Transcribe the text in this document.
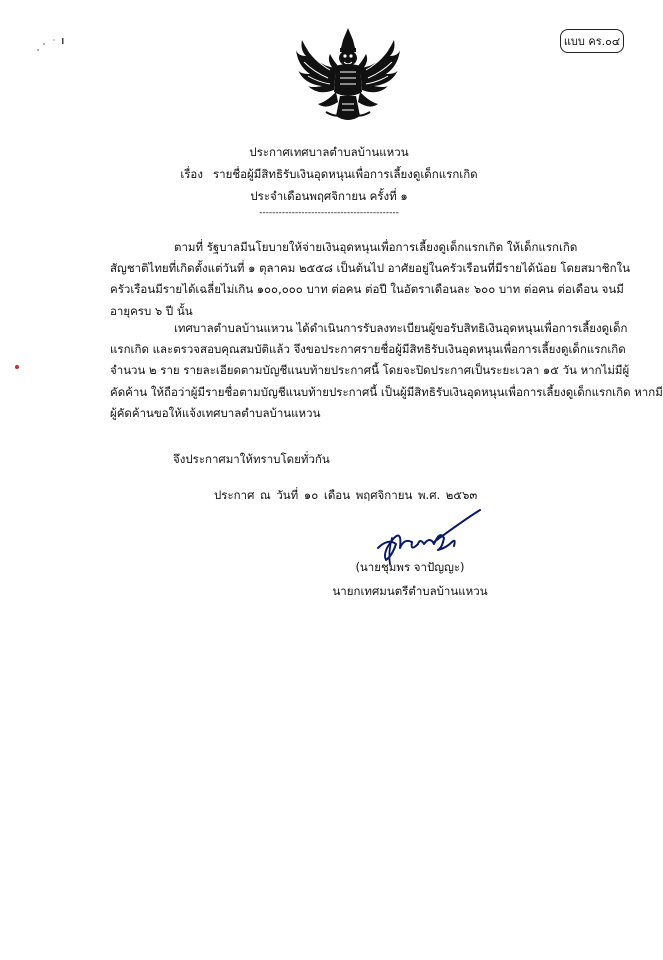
แบบ คร.๐๔
ประกาศเทศบาลตำบลบ้านแหวน
เรื่อง รายชื่อผู้มีสิทธิรับเงินอุดหนุนเพื่อการเลี้ยงดูเด็กแรกเกิด
ประจำเดือนพฤศจิกายน ครั้งที่ ๑
-------------------------------------------
ตามที่ รัฐบาลมีนโยบายให้จ่ายเงินอุดหนุนเพื่อการเลี้ยงดูเด็กแรกเกิด ให้เด็กแรกเกิด
สัญชาติไทยที่เกิดตั้งแต่วันที่ ๑ ตุลาคม ๒๕๕๘ เป็นต้นไป อาศัยอยู่ในครัวเรือนที่มีรายได้น้อย โดยสมาชิกใน
ครัวเรือนมีรายได้เฉลี่ยไม่เกิน ๑๐๐,๐๐๐ บาท ต่อคน ต่อปี ในอัตราเดือนละ ๖๐๐ บาท ต่อคน ต่อเดือน จนมี
อายุครบ ๖ ปี นั้น
เทศบาลตำบลบ้านแหวน ได้ดำเนินการรับลงทะเบียนผู้ขอรับสิทธิเงินอุดหนุนเพื่อการเลี้ยงดูเด็ก
แรกเกิด และตรวจสอบคุณสมบัติแล้ว จึงขอประกาศรายชื่อผู้มีสิทธิรับเงินอุดหนุนเพื่อการเลี้ยงดูเด็กแรกเกิด
จำนวน ๒ ราย รายละเอียดตามบัญชีแนบท้ายประกาศนี้ โดยจะปิดประกาศเป็นระยะเวลา ๑๕ วัน หากไม่มีผู้
คัดค้าน ให้ถือว่าผู้มีรายชื่อตามบัญชีแนบท้ายประกาศนี้ เป็นผู้มีสิทธิรับเงินอุดหนุนเพื่อการเลี้ยงดูเด็กแรกเกิด หากมี
ผู้คัดค้านขอให้แจ้งเทศบาลตำบลบ้านแหวน
จึงประกาศมาให้ทราบโดยทั่วกัน
ประกาศ ณ วันที่ ๑๐ เดือน พฤศจิกายน พ.ศ. ๒๕๖๓
(นายชุมพร จาปัญญะ)
นายกเทศมนตรีตำบลบ้านแหวน
